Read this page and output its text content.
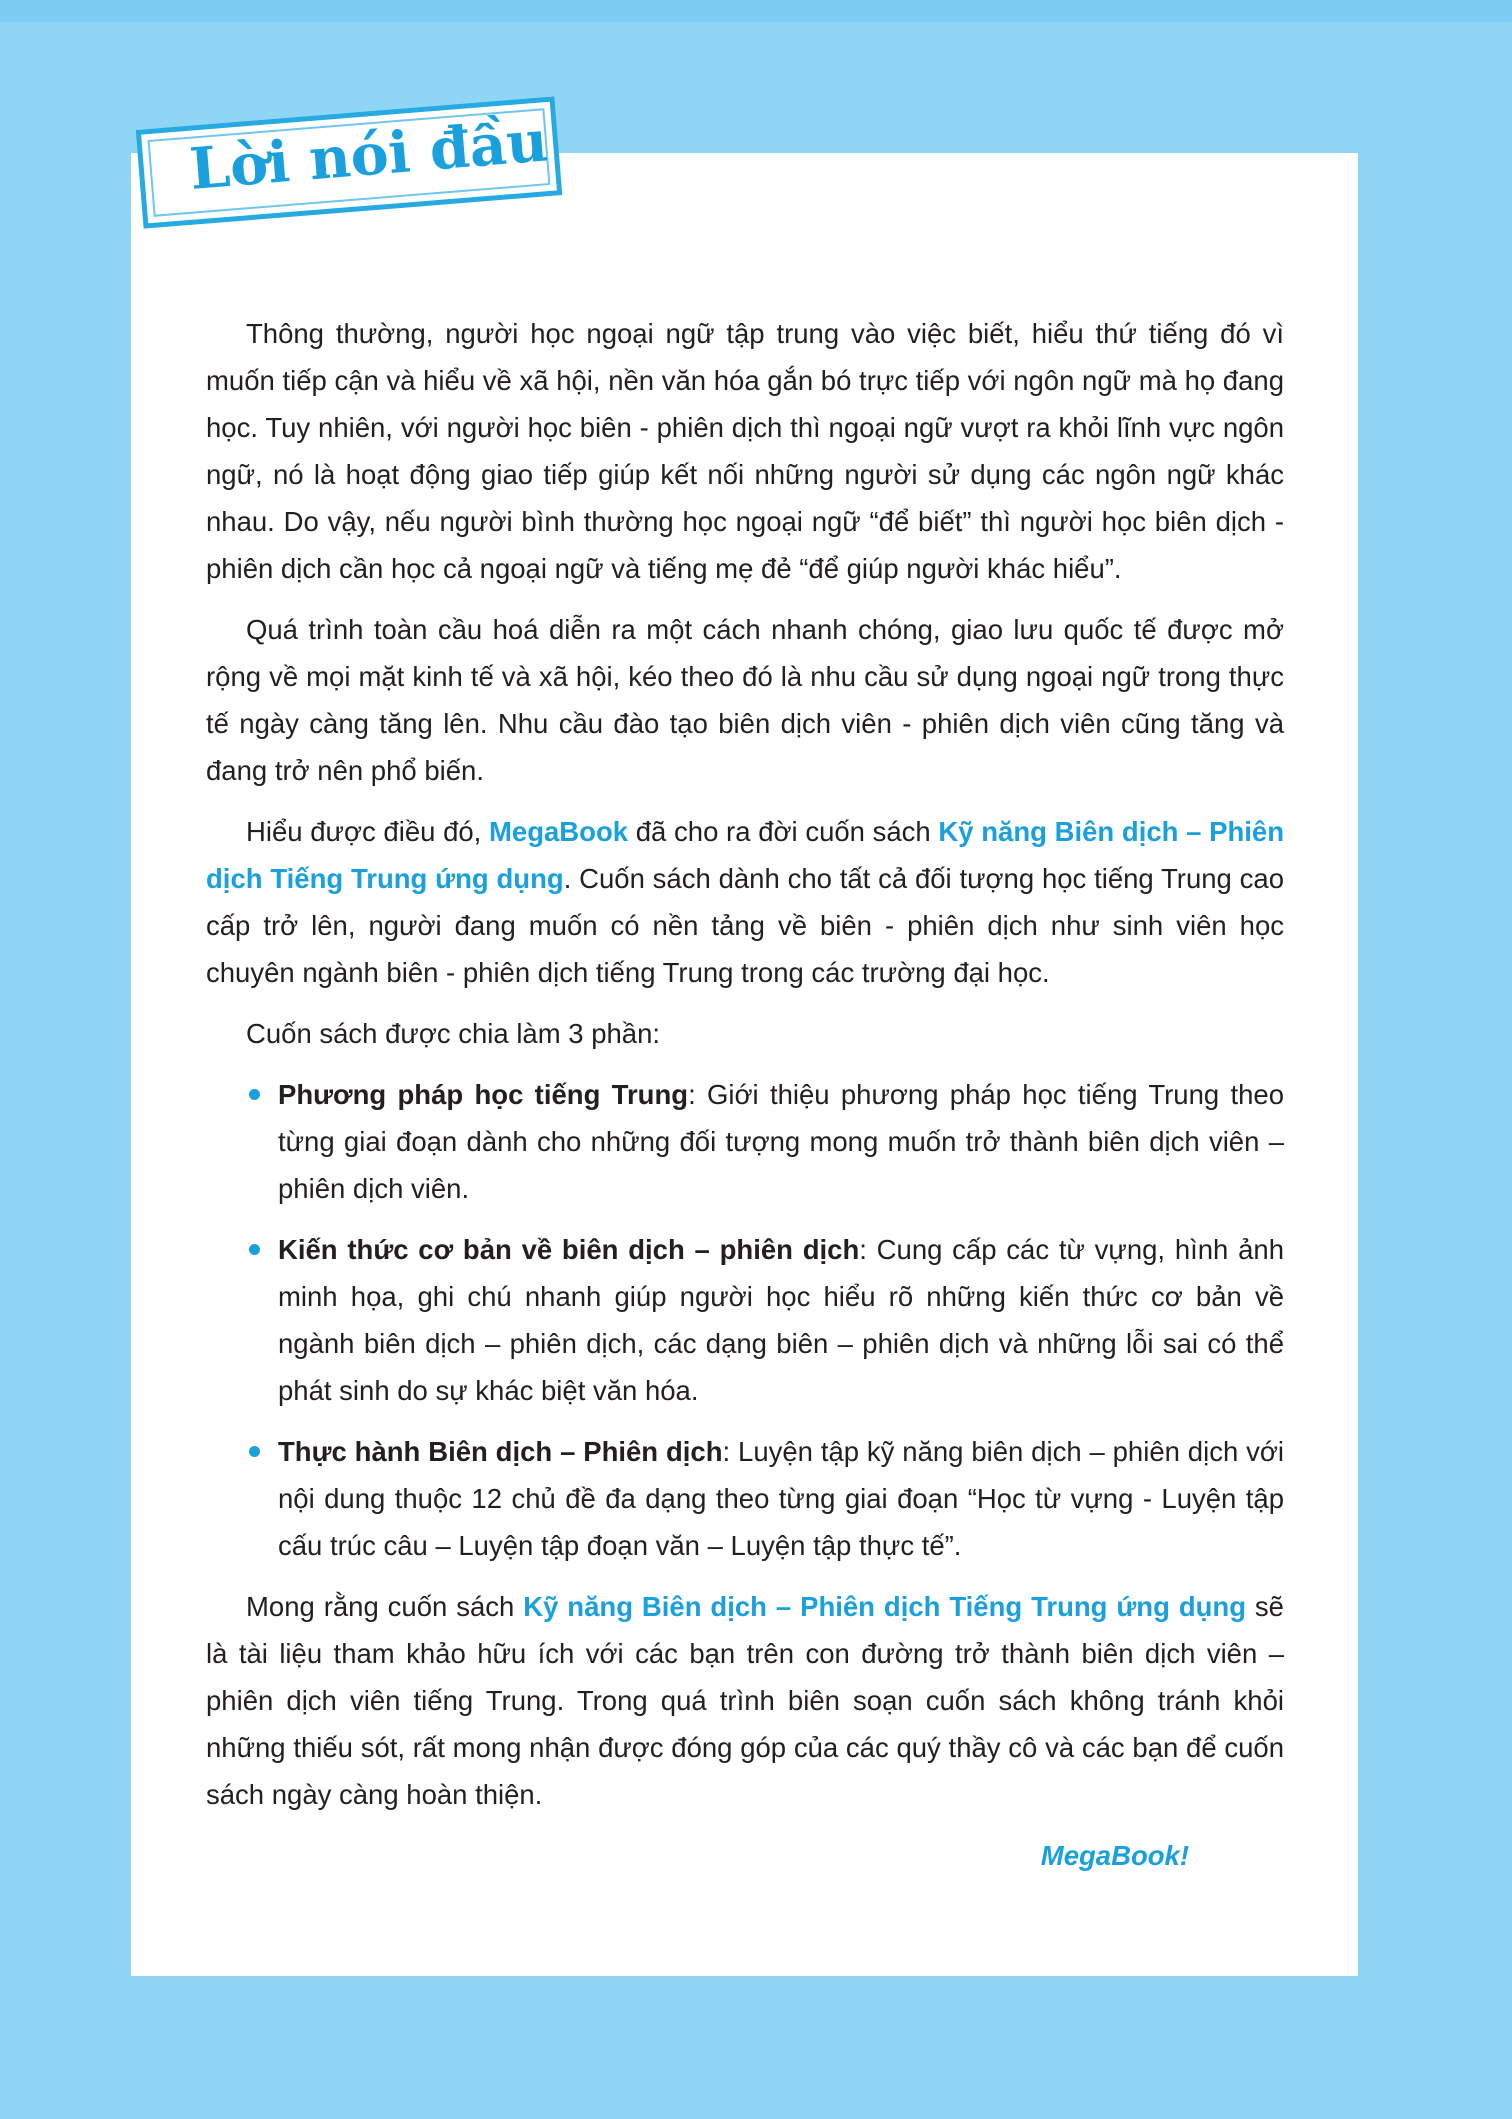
Lời nói đầu

Thông thường, người học ngoại ngữ tập trung vào việc biết, hiểu thứ tiếng đó vì muốn tiếp cận và hiểu về xã hội, nền văn hóa gắn bó trực tiếp với ngôn ngữ mà họ đang học. Tuy nhiên, với người học biên - phiên dịch thì ngoại ngữ vượt ra khỏi lĩnh vực ngôn ngữ, nó là hoạt động giao tiếp giúp kết nối những người sử dụng các ngôn ngữ khác nhau. Do vậy, nếu người bình thường học ngoại ngữ “để biết” thì người học biên dịch - phiên dịch cần học cả ngoại ngữ và tiếng mẹ đẻ “để giúp người khác hiểu”.

Quá trình toàn cầu hoá diễn ra một cách nhanh chóng, giao lưu quốc tế được mở rộng về mọi mặt kinh tế và xã hội, kéo theo đó là nhu cầu sử dụng ngoại ngữ trong thực tế ngày càng tăng lên. Nhu cầu đào tạo biên dịch viên - phiên dịch viên cũng tăng và đang trở nên phổ biến.

Hiểu được điều đó, MegaBook đã cho ra đời cuốn sách Kỹ năng Biên dịch – Phiên dịch Tiếng Trung ứng dụng. Cuốn sách dành cho tất cả đối tượng học tiếng Trung cao cấp trở lên, người đang muốn có nền tảng về biên - phiên dịch như sinh viên học chuyên ngành biên - phiên dịch tiếng Trung trong các trường đại học.

Cuốn sách được chia làm 3 phần:

Phương pháp học tiếng Trung: Giới thiệu phương pháp học tiếng Trung theo từng giai đoạn dành cho những đối tượng mong muốn trở thành biên dịch viên – phiên dịch viên.
Kiến thức cơ bản về biên dịch – phiên dịch: Cung cấp các từ vựng, hình ảnh minh họa, ghi chú nhanh giúp người học hiểu rõ những kiến thức cơ bản về ngành biên dịch – phiên dịch, các dạng biên – phiên dịch và những lỗi sai có thể phát sinh do sự khác biệt văn hóa.
Thực hành Biên dịch – Phiên dịch: Luyện tập kỹ năng biên dịch – phiên dịch với nội dung thuộc 12 chủ đề đa dạng theo từng giai đoạn “Học từ vựng - Luyện tập cấu trúc câu – Luyện tập đoạn văn – Luyện tập thực tế”.

Mong rằng cuốn sách Kỹ năng Biên dịch – Phiên dịch Tiếng Trung ứng dụng sẽ là tài liệu tham khảo hữu ích với các bạn trên con đường trở thành biên dịch viên – phiên dịch viên tiếng Trung. Trong quá trình biên soạn cuốn sách không tránh khỏi những thiếu sót, rất mong nhận được đóng góp của các quý thầy cô và các bạn để cuốn sách ngày càng hoàn thiện.

MegaBook!
